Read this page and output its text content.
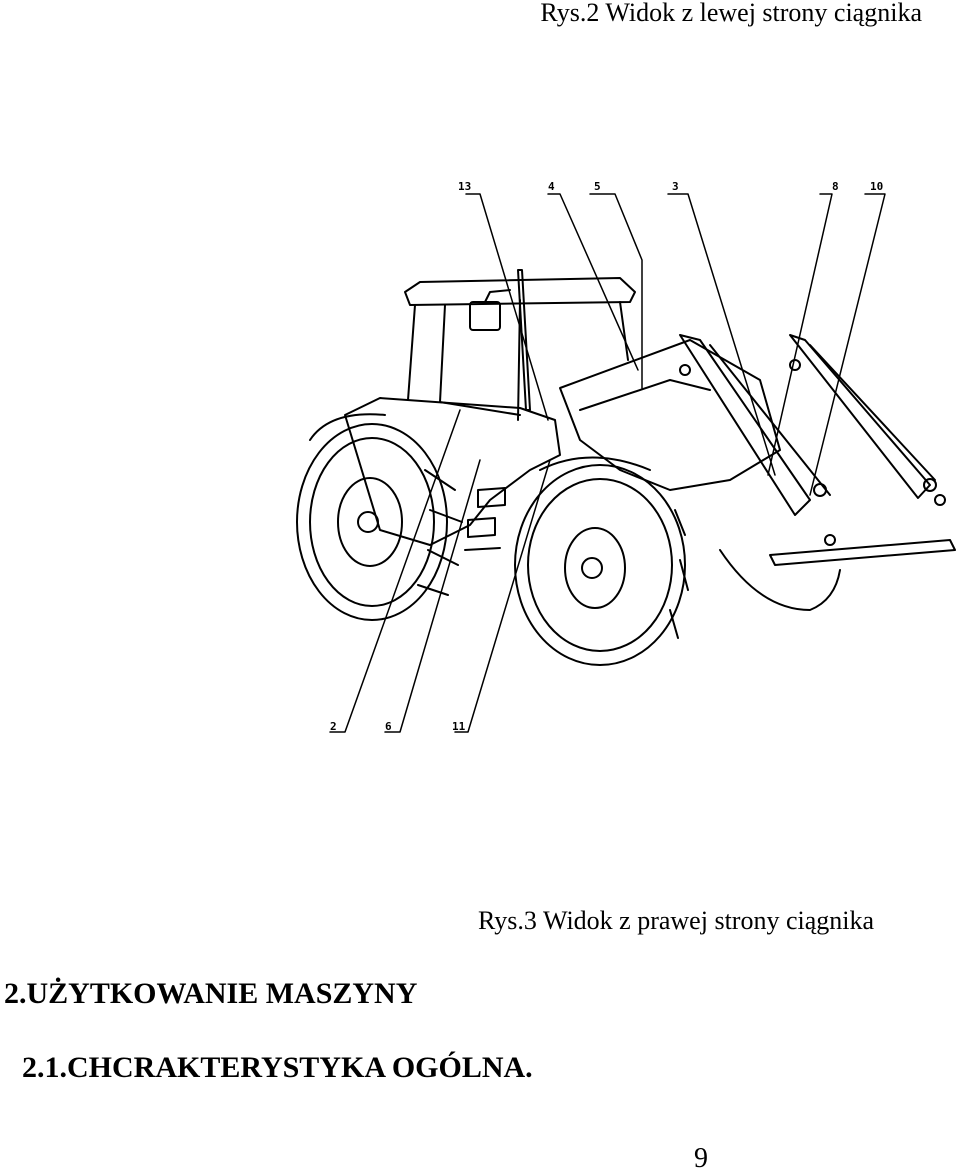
Rys.2 Widok z lewej strony ciągnika
13	4	5	3	8	10
2	6	11
Rys.3 Widok z prawej strony ciągnika
2.UŻYTKOWANIE MASZYNY
2.1.CHCRAKTERYSTYKA OGÓLNA.
9
